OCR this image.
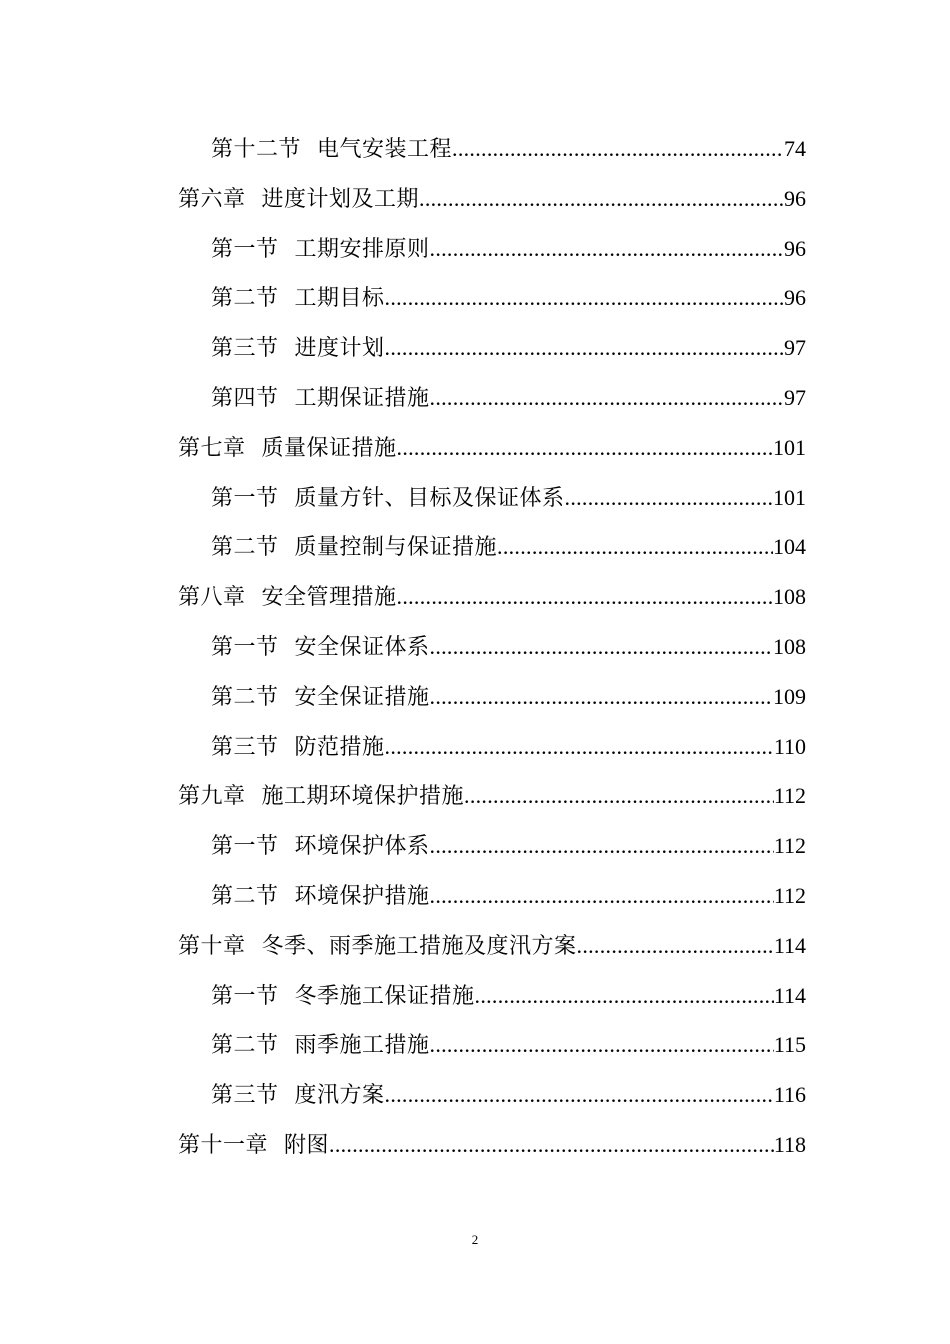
第十二节 电气安装工程 .....	74
第六章 进度计划及工期 .....	96
第一节 工期安排原则 .....	96
第二节 工期目标 .....	96
第三节 进度计划 .....	97
第四节 工期保证措施 .....	97
第七章 质量保证措施 .....	101
第一节 质量方针、目标及保证体系 .....	101
第二节 质量控制与保证措施 .....	104
第八章 安全管理措施 .....	108
第一节 安全保证体系 .....	108
第二节 安全保证措施 .....	109
第三节 防范措施 .....	110
第九章 施工期环境保护措施 .....	112
第一节 环境保护体系 .....	112
第二节 环境保护措施 .....	112
第十章 冬季、雨季施工措施及度汛方案 .....	114
第一节 冬季施工保证措施 .....	114
第二节 雨季施工措施 .....	115
第三节 度汛方案 .....	116
第十一章 附图 .....	118
2
